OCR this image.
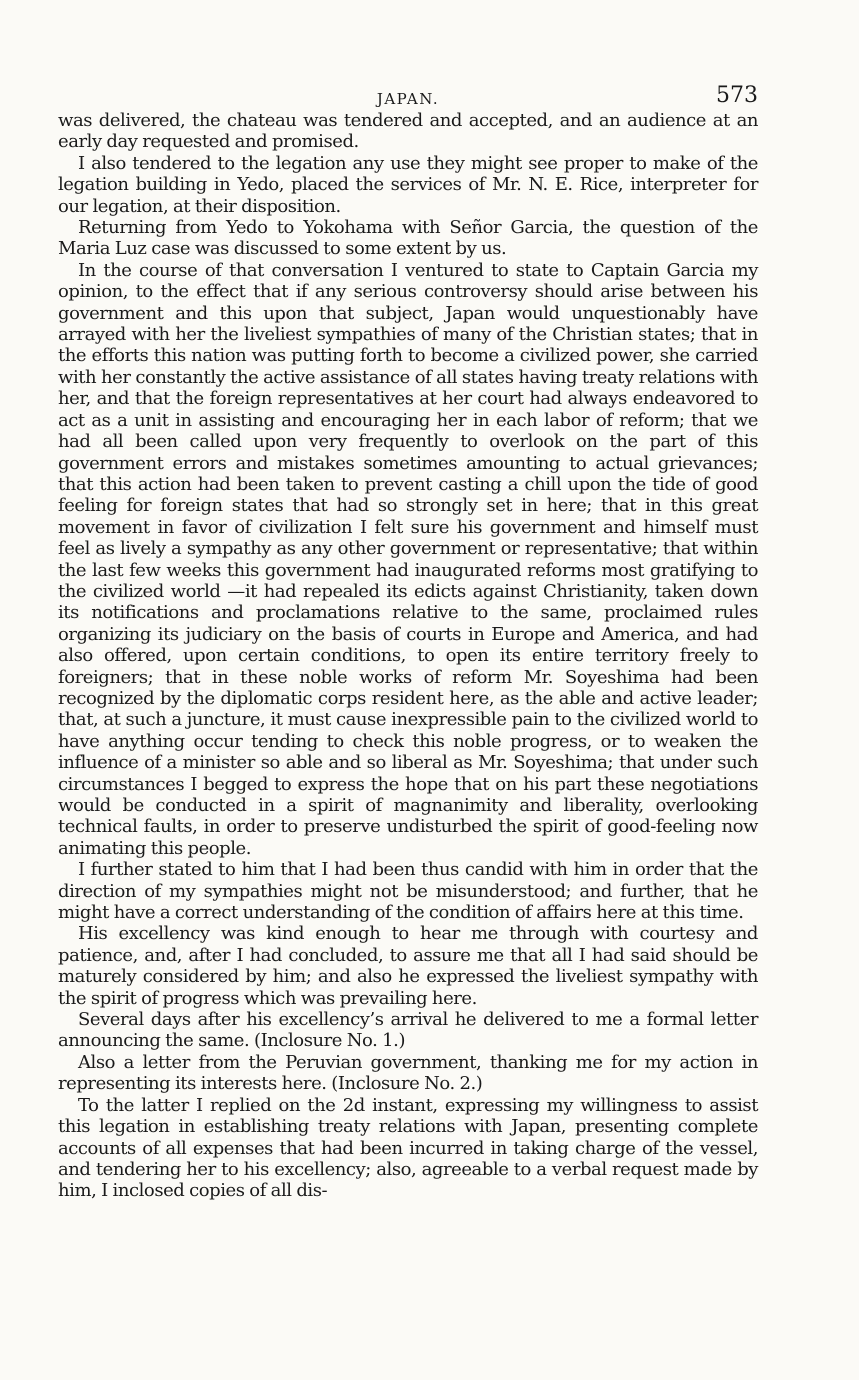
JAPAN.	573

was delivered, the chateau was tendered and accepted, and an audience at an early day requested and promised.

I also tendered to the legation any use they might see proper to make of the legation building in Yedo, placed the services of Mr. N. E. Rice, interpreter for our legation, at their disposition.

Returning from Yedo to Yokohama with Señor Garcia, the question of the Maria Luz case was discussed to some extent by us.

In the course of that conversation I ventured to state to Captain Garcia my opinion, to the effect that if any serious controversy should arise between his government and this upon that subject, Japan would unquestionably have arrayed with her the liveliest sympathies of many of the Christian states; that in the efforts this nation was putting forth to become a civilized power, she carried with her constantly the active assistance of all states having treaty relations with her, and that the foreign representatives at her court had always endeavored to act as a unit in assisting and encouraging her in each labor of reform; that we had all been called upon very frequently to overlook on the part of this government errors and mistakes sometimes amounting to actual grievances; that this action had been taken to prevent casting a chill upon the tide of good feeling for foreign states that had so strongly set in here; that in this great movement in favor of civilization I felt sure his government and himself must feel as lively a sympathy as any other government or representative; that within the last few weeks this government had inaugurated reforms most gratifying to the civilized world —it had repealed its edicts against Christianity, taken down its notifications and proclamations relative to the same, proclaimed rules organizing its judiciary on the basis of courts in Europe and America, and had also offered, upon certain conditions, to open its entire territory freely to foreigners; that in these noble works of reform Mr. Soyeshima had been recognized by the diplomatic corps resident here, as the able and active leader; that, at such a juncture, it must cause inexpressible pain to the civilized world to have anything occur tending to check this noble progress, or to weaken the influence of a minister so able and so liberal as Mr. Soyeshima; that under such circumstances I begged to express the hope that on his part these negotiations would be conducted in a spirit of magnanimity and liberality, overlooking technical faults, in order to preserve undisturbed the spirit of good-feeling now animating this people.

I further stated to him that I had been thus candid with him in order that the direction of my sympathies might not be misunderstood; and further, that he might have a correct understanding of the condition of affairs here at this time.

His excellency was kind enough to hear me through with courtesy and patience, and, after I had concluded, to assure me that all I had said should be maturely considered by him; and also he expressed the liveliest sympathy with the spirit of progress which was prevailing here.

Several days after his excellency’s arrival he delivered to me a formal letter announcing the same. (Inclosure No. 1.)

Also a letter from the Peruvian government, thanking me for my action in representing its interests here. (Inclosure No. 2.)

To the latter I replied on the 2d instant, expressing my willingness to assist this legation in establishing treaty relations with Japan, presenting complete accounts of all expenses that had been incurred in taking charge of the vessel, and tendering her to his excellency; also, agreeable to a verbal request made by him, I inclosed copies of all dis-
